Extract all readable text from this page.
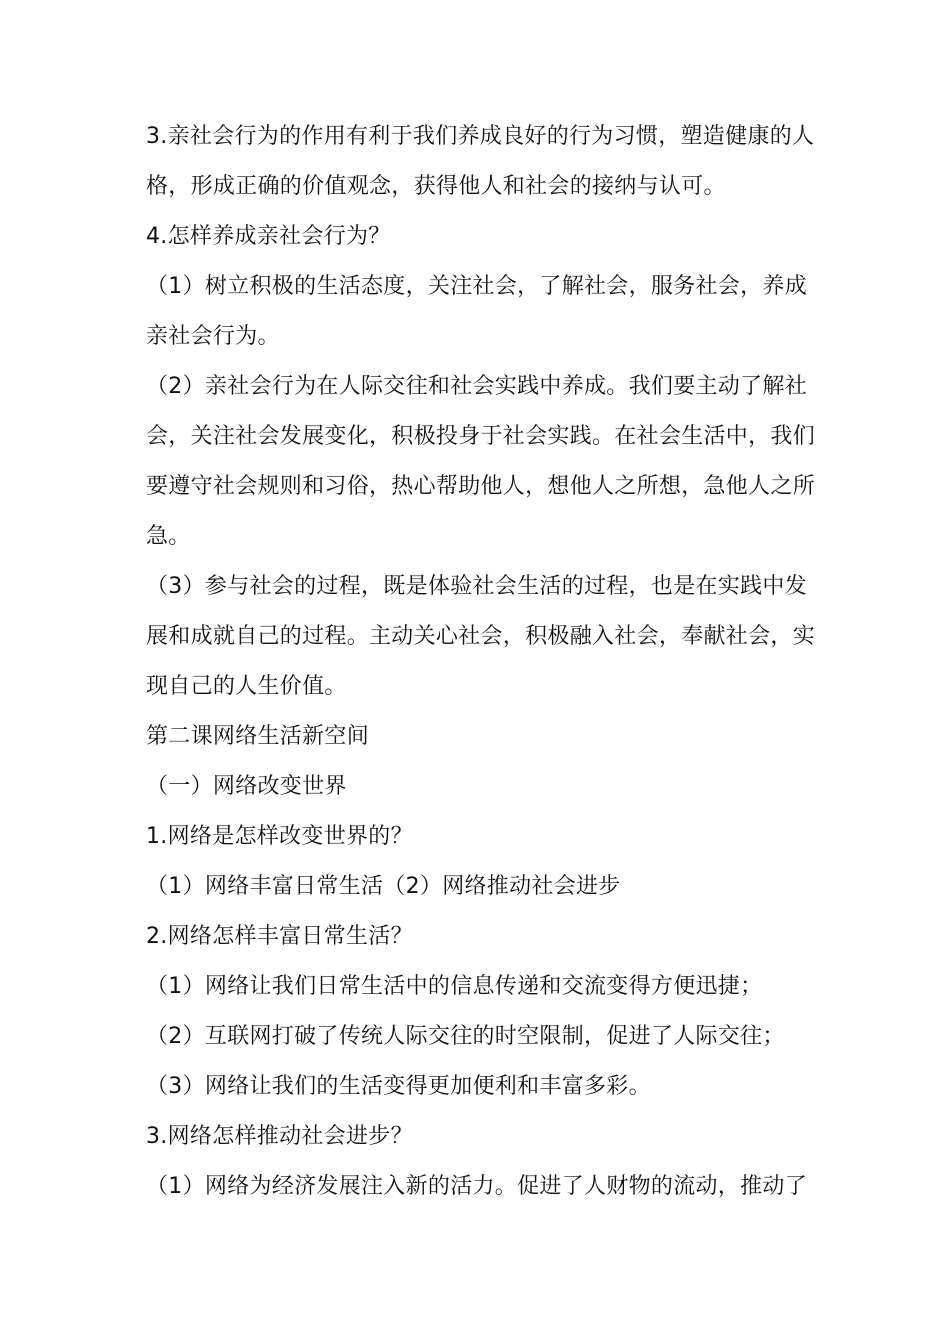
3.亲社会行为的作用有利于我们养成良好的行为习惯，塑造健康的人
格，形成正确的价值观念，获得他人和社会的接纳与认可。
4.怎样养成亲社会行为？
（1）树立积极的生活态度，关注社会，了解社会，服务社会，养成
亲社会行为。
（2）亲社会行为在人际交往和社会实践中养成。我们要主动了解社
会，关注社会发展变化，积极投身于社会实践。在社会生活中，我们
要遵守社会规则和习俗，热心帮助他人，想他人之所想，急他人之所
急。
（3）参与社会的过程，既是体验社会生活的过程，也是在实践中发
展和成就自己的过程。主动关心社会，积极融入社会，奉献社会，实
现自己的人生价值。
第二课网络生活新空间
（一）网络改变世界
1.网络是怎样改变世界的？
（1）网络丰富日常生活（2）网络推动社会进步
2.网络怎样丰富日常生活？
（1）网络让我们日常生活中的信息传递和交流变得方便迅捷；
（2）互联网打破了传统人际交往的时空限制，促进了人际交往；
（3）网络让我们的生活变得更加便利和丰富多彩。
3.网络怎样推动社会进步？
（1）网络为经济发展注入新的活力。促进了人财物的流动，推动了
